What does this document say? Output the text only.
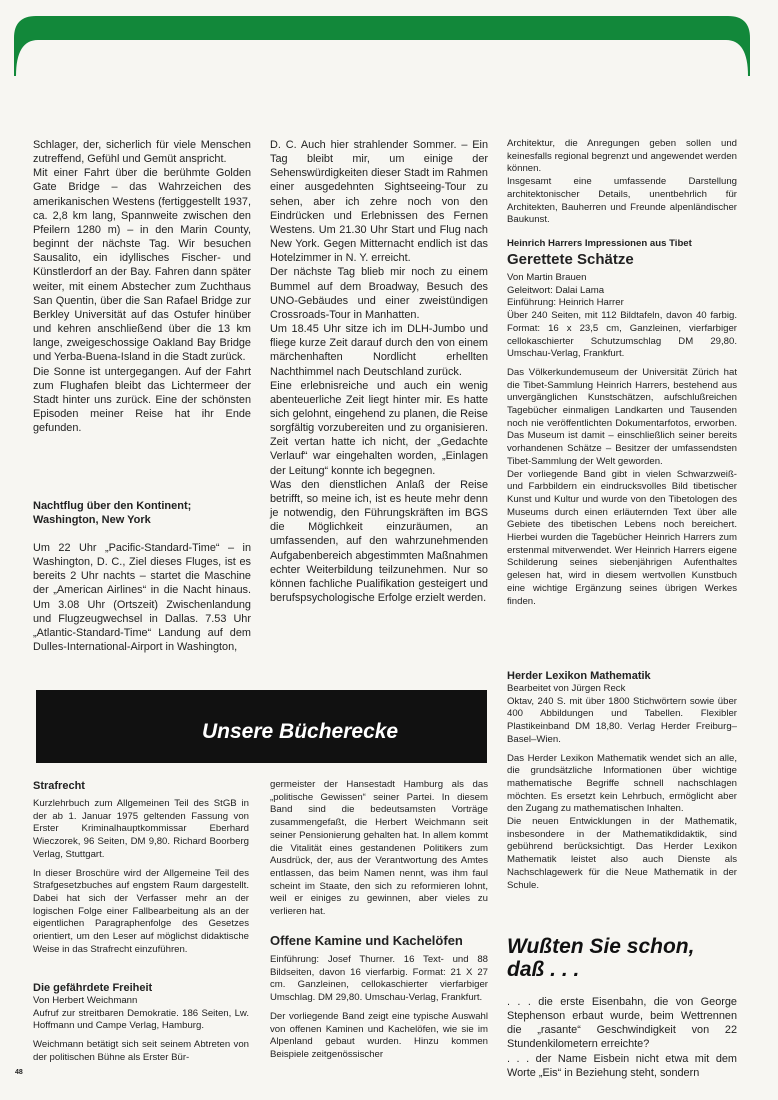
Schlager, der, sicherlich für viele Menschen zutreffend, Gefühl und Gemüt anspricht.

Mit einer Fahrt über die berühmte Golden Gate Bridge – das Wahrzeichen des amerikanischen Westens (fertiggestellt 1937, ca. 2,8 km lang, Spannweite zwischen den Pfeilern 1280 m) – in den Marin County, beginnt der nächste Tag. Wir besuchen Sausalito, ein idyllisches Fischer- und Künstlerdorf an der Bay. Fahren dann später weiter, mit einem Abstecher zum Zuchthaus San Quentin, über die San Rafael Bridge zur Berkley Universität auf das Ostufer hinüber und kehren anschließend über die 13 km lange, zweigeschossige Oakland Bay Bridge und Yerba-Buena-Island in die Stadt zurück.

Die Sonne ist untergegangen. Auf der Fahrt zum Flughafen bleibt das Lichtermeer der Stadt hinter uns zurück. Eine der schönsten Episoden meiner Reise hat ihr Ende gefunden.

Nachtflug über den Kontinent;
Washington, New York

Um 22 Uhr „Pacific-Standard-Time“ – in Washington, D. C., Ziel dieses Fluges, ist es bereits 2 Uhr nachts – startet die Maschine der „American Airlines“ in die Nacht hinaus. Um 3.08 Uhr (Ortszeit) Zwischenlandung und Flugzeugwechsel in Dallas. 7.53 Uhr „Atlantic-Standard-Time“ Landung auf dem Dulles-International-Airport in Washington,

D. C. Auch hier strahlender Sommer. – Ein Tag bleibt mir, um einige der Sehenswürdigkeiten dieser Stadt im Rahmen einer ausgedehnten Sightseeing-Tour zu sehen, aber ich zehre noch von den Eindrücken und Erlebnissen des Fernen Westens. Um 21.30 Uhr Start und Flug nach New York. Gegen Mitternacht endlich ist das Hotelzimmer in N. Y. erreicht.

Der nächste Tag blieb mir noch zu einem Bummel auf dem Broadway, Besuch des UNO-Gebäudes und einer zweistündigen Crossroads-Tour in Manhatten.

Um 18.45 Uhr sitze ich im DLH-Jumbo und fliege kurze Zeit darauf durch den von einem märchenhaften Nordlicht erhellten Nachthimmel nach Deutschland zurück.

Eine erlebnisreiche und auch ein wenig abenteuerliche Zeit liegt hinter mir. Es hatte sich gelohnt, eingehend zu planen, die Reise sorgfältig vorzubereiten und zu organisieren. Zeit vertan hatte ich nicht, der „Gedachte Verlauf“ war eingehalten worden, „Einlagen der Leitung“ konnte ich begegnen.

Was den dienstlichen Anlaß der Reise betrifft, so meine ich, ist es heute mehr denn je notwendig, den Führungskräften im BGS die Möglichkeit einzuräumen, an umfassenden, auf den wahrzunehmenden Aufgabenbereich abgestimmten Maßnahmen echter Weiterbildung teilzunehmen. Nur so können fachliche Pualifikation gesteigert und berufspsychologische Erfolge erzielt werden.

Architektur, die Anregungen geben sollen und keinesfalls regional begrenzt und angewendet werden können.

Insgesamt eine umfassende Darstellung architektonischer Details, unentbehrlich für Architekten, Bauherren und Freunde alpenländischer Baukunst.

Heinrich Harrers Impressionen aus Tibet
Gerettete Schätze
Von Martin Brauen
Geleitwort: Dalai Lama
Einführung: Heinrich Harrer

Über 240 Seiten, mit 112 Bildtafeln, davon 40 farbig. Format: 16 x 23,5 cm, Ganzleinen, vierfarbiger cellokaschierter Schutzumschlag DM 29,80. Umschau-Verlag, Frankfurt.

Das Völkerkundemuseum der Universität Zürich hat die Tibet-Sammlung Heinrich Harrers, bestehend aus unvergänglichen Kunstschätzen, aufschlußreichen Tagebücher einmaligen Landkarten und Tausenden noch nie veröffentlichten Dokumentarfotos, erworben. Das Museum ist damit – einschließlich seiner bereits vorhandenen Schätze – Besitzer der umfassendsten Tibet-Sammlung der Welt geworden.

Der vorliegende Band gibt in vielen Schwarzweiß- und Farbbildern ein eindrucksvolles Bild tibetischer Kunst und Kultur und wurde von den Tibetologen des Museums durch einen erläuternden Text über alle Gebiete des tibetischen Lebens noch bereichert. Hierbei wurden die Tagebücher Heinrich Harrers zum erstenmal mitverwendet. Wer Heinrich Harrers eigene Schilderung seines siebenjährigen Aufenthaltes gelesen hat, wird in diesem wertvollen Kunstbuch eine wichtige Ergänzung seines übrigen Werkes finden.

Herder Lexikon Mathematik
Bearbeitet von Jürgen Reck

Oktav, 240 S. mit über 1800 Stichwörtern sowie über 400 Abbildungen und Tabellen. Flexibler Plastikeinband DM 18,80. Verlag Herder Freiburg–Basel–Wien.

Das Herder Lexikon Mathematik wendet sich an alle, die grundsätzliche Informationen über wichtige mathematische Begriffe schnell nachschlagen möchten. Es ersetzt kein Lehrbuch, ermöglicht aber den Zugang zu mathematischen Inhalten.

Die neuen Entwicklungen in der Mathematik, insbesondere in der Mathematikdidaktik, sind gebührend berücksichtigt. Das Herder Lexikon Mathematik leistet also auch Dienste als Nachschlagewerk für die Neue Mathematik in der Schule.

Wußten Sie schon,
daß . . .

. . . die erste Eisenbahn, die von George Stephenson erbaut wurde, beim Wettrennen die „rasante“ Geschwindigkeit von 22 Stundenkilometern erreichte?

. . . der Name Eisbein nicht etwa mit dem Worte „Eis“ in Beziehung steht, sondern

Unsere Bücherecke
Strafrecht

Kurzlehrbuch zum Allgemeinen Teil des StGB in der ab 1. Januar 1975 geltenden Fassung von Erster Kriminalhauptkommissar Eberhard Wieczorek, 96 Seiten, DM 9,80. Richard Boorberg Verlag, Stuttgart.

In dieser Broschüre wird der Allgemeine Teil des Strafgesetzbuches auf engstem Raum dargestellt. Dabei hat sich der Verfasser mehr an der logischen Folge einer Fallbearbeitung als an der eigentlichen Paragraphenfolge des Gesetzes orientiert, um den Leser auf möglichst didaktische Weise in das Strafrecht einzuführen.

Die gefährdete Freiheit
Von Herbert Weichmann

Aufruf zur streitbaren Demokratie. 186 Seiten, Lw. Hoffmann und Campe Verlag, Hamburg.

Weichmann betätigt sich seit seinem Abtreten von der politischen Bühne als Erster Bür-

48

germeister der Hansestadt Hamburg als das „politische Gewissen“ seiner Partei. In diesem Band sind die bedeutsamsten Vorträge zusammengefaßt, die Herbert Weichmann seit seiner Pensionierung gehalten hat. In allem kommt die Vitalität eines gestandenen Politikers zum Ausdrück, der, aus der Verantwortung des Amtes entlassen, das beim Namen nennt, was ihm faul scheint im Staate, den sich zu reformieren lohnt, weil er einiges zu gewinnen, aber vieles zu verlieren hat.

Offene Kamine und Kachelöfen

Einführung: Josef Thurner. 16 Text- und 88 Bildseiten, davon 16 vierfarbig. Format: 21 X 27 cm. Ganzleinen, cellokaschierter vierfarbiger Umschlag. DM 29,80. Umschau-Verlag, Frankfurt.

Der vorliegende Band zeigt eine typische Auswahl von offenen Kaminen und Kachelöfen, wie sie im Alpenland gebaut wurden. Hinzu kommen Beispiele zeitgenössischer
